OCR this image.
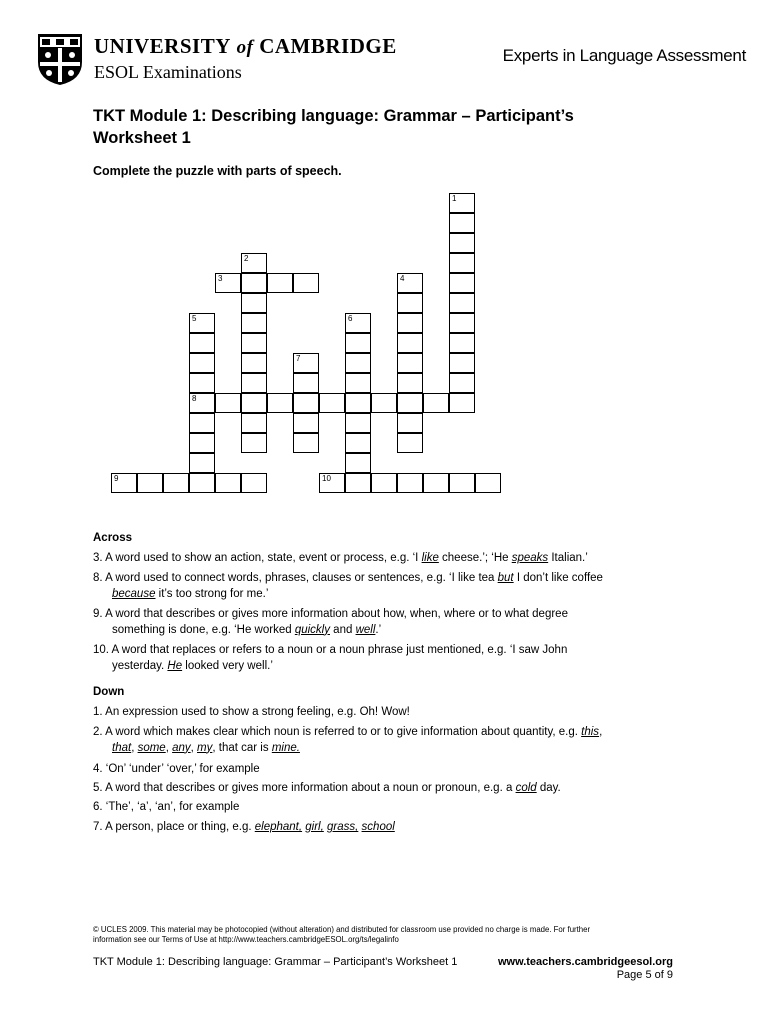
UNIVERSITY of CAMBRIDGE
ESOL Examinations
Experts in Language Assessment
TKT Module 1: Describing language: Grammar – Participant’s
Worksheet 1
Complete the puzzle with parts of speech.
1
2
3	4
5
8
6
7
9	10
Across
3. A word used to show an action, state, event or process, e.g. ‘I like cheese.’; ‘He speaks Italian.’
8. A word used to connect words, phrases, clauses or sentences, e.g. ‘I like tea but I don’t like coffee
because it’s too strong for me.’
9. A word that describes or gives more information about how, when, where or to what degree
something is done, e.g. ‘He worked quickly and well.’
10. A word that replaces or refers to a noun or a noun phrase just mentioned, e.g. ‘I saw John
yesterday. He looked very well.’
Down
1. An expression used to show a strong feeling, e.g. Oh! Wow!
2. A word which makes clear which noun is referred to or to give information about quantity, e.g. this,
that, some, any, my, that car is mine.
4. ‘On’ ‘under’ ‘over,’ for example
5. A word that describes or gives more information about a noun or pronoun, e.g. a cold day.
6. ‘The’, ‘a’, ‘an’, for example
7. A person, place or thing, e.g. elephant, girl, grass, school
© UCLES 2009. This material may be photocopied (without alteration) and distributed for classroom use provided no charge is made. For further
information see our Terms of Use at http://www.teachers.cambridgeESOL.org/ts/legalinfo
TKT Module 1: Describing language: Grammar – Participant’s Worksheet 1	www.teachers.cambridgeesol.org
Page 5 of 9
